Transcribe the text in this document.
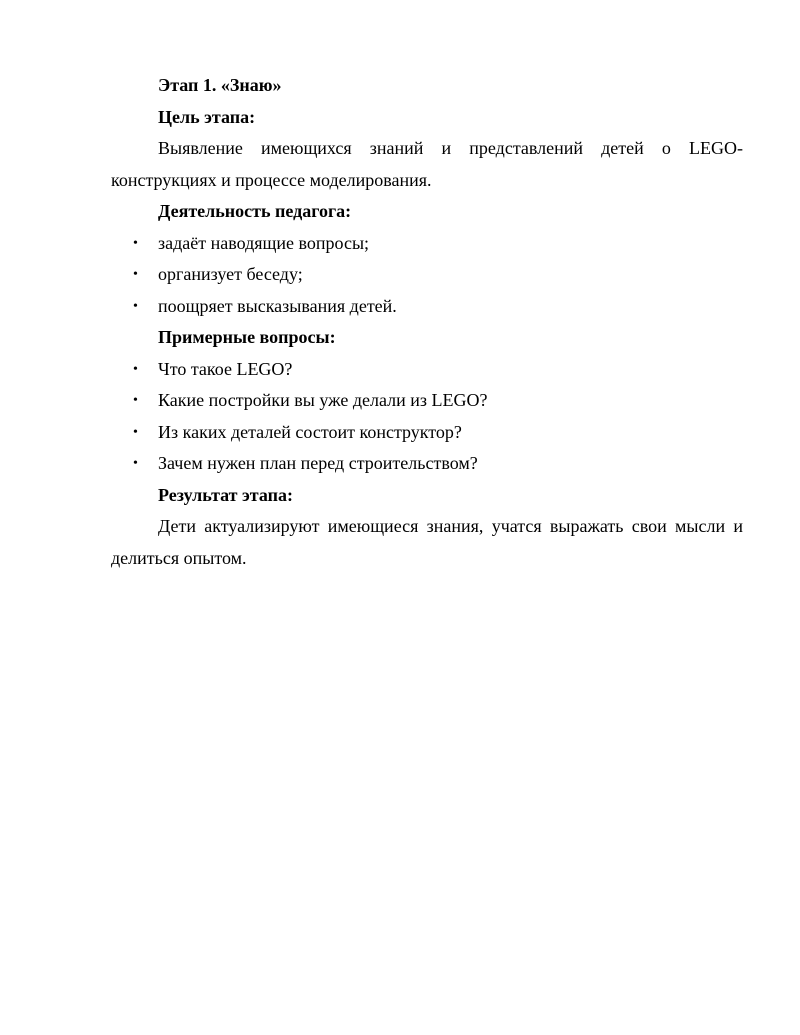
Этап 1. «Знаю»

Цель этапа:

Выявление имеющихся знаний и представлений детей о LEGO-конструкциях и процессе моделирования.

Деятельность педагога:

• задаёт наводящие вопросы;
• организует беседу;
• поощряет высказывания детей.

Примерные вопросы:

• Что такое LEGO?
• Какие постройки вы уже делали из LEGO?
• Из каких деталей состоит конструктор?
• Зачем нужен план перед строительством?

Результат этапа:

Дети актуализируют имеющиеся знания, учатся выражать свои мысли и делиться опытом.
